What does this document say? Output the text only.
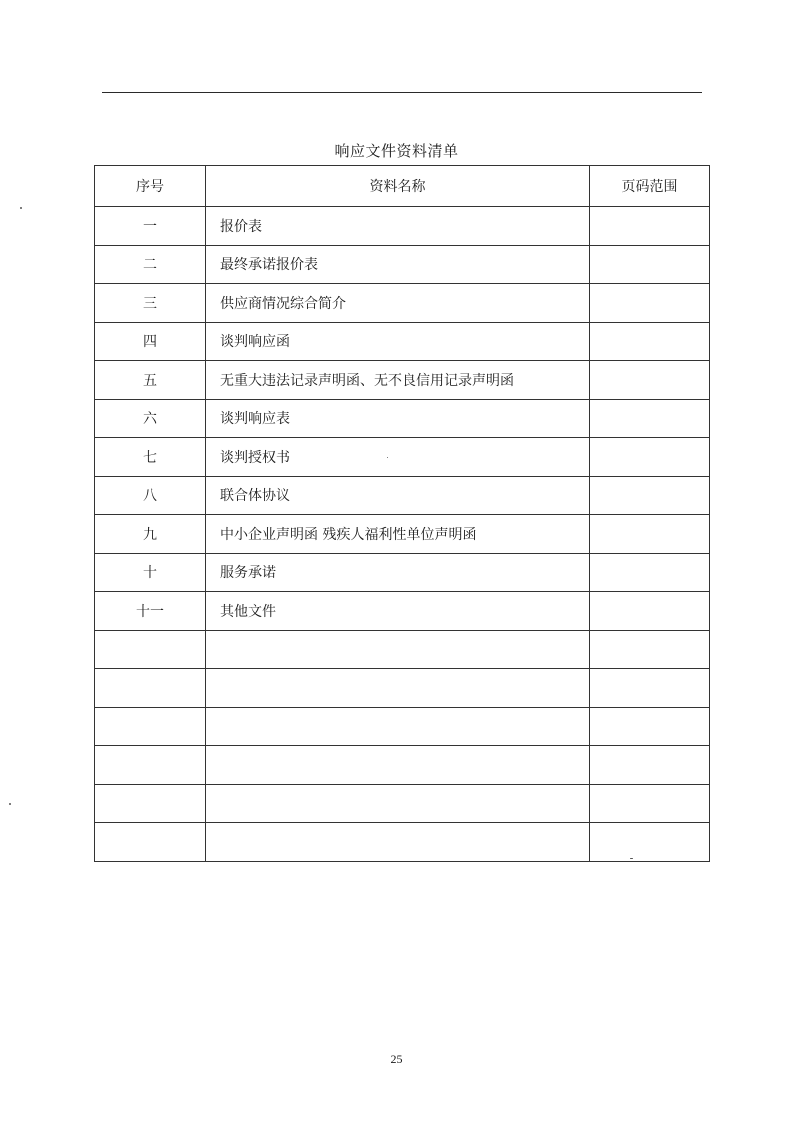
响应文件资料清单
序号	资料名称	页码范围
一	报价表	
二	最终承诺报价表	
三	供应商情况综合简介	
四	谈判响应函	
五	无重大违法记录声明函、无不良信用记录声明函	
六	谈判响应表	
七	谈判授权书	
八	联合体协议	
九	中小企业声明函 残疾人福利性单位声明函	
十	服务承诺	
十一	其他文件	

25
